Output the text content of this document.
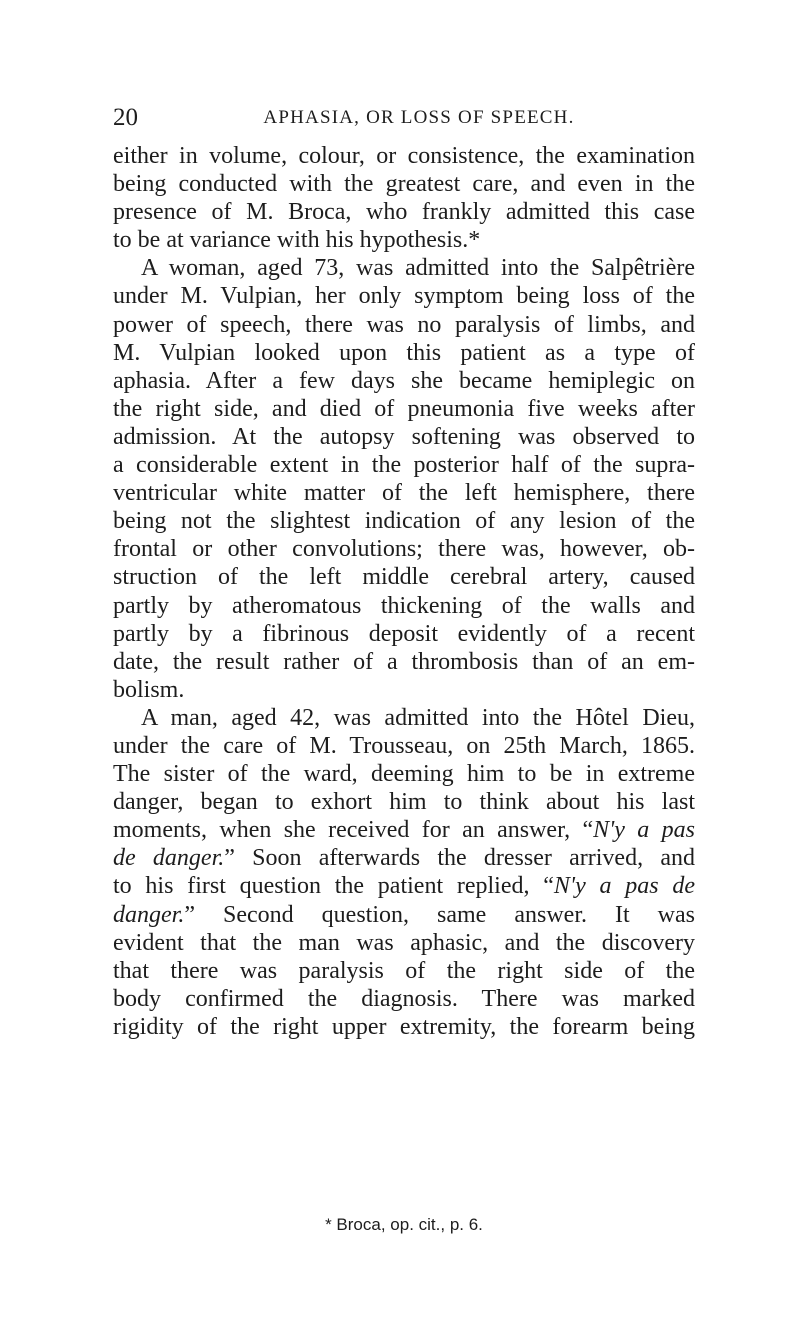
20	APHASIA, OR LOSS OF SPEECH.
either in volume, colour, or consistence, the examination
being conducted with the greatest care, and even in the
presence of M. Broca, who frankly admitted this case
to be at variance with his hypothesis.*
A woman, aged 73, was admitted into the Salpêtrière
under M. Vulpian, her only symptom being loss of the
power of speech, there was no paralysis of limbs, and
M. Vulpian looked upon this patient as a type of
aphasia. After a few days she became hemiplegic on
the right side, and died of pneumonia five weeks after
admission. At the autopsy softening was observed to
a considerable extent in the posterior half of the supra-
ventricular white matter of the left hemisphere, there
being not the slightest indication of any lesion of the
frontal or other convolutions; there was, however, ob-
struction of the left middle cerebral artery, caused
partly by atheromatous thickening of the walls and
partly by a fibrinous deposit evidently of a recent
date, the result rather of a thrombosis than of an em-
bolism.
A man, aged 42, was admitted into the Hôtel Dieu,
under the care of M. Trousseau, on 25th March, 1865.
The sister of the ward, deeming him to be in extreme
danger, began to exhort him to think about his last
moments, when she received for an answer, “N'y a pas
de danger.” Soon afterwards the dresser arrived, and
to his first question the patient replied, “N'y a pas de
danger.” Second question, same answer. It was
evident that the man was aphasic, and the discovery
that there was paralysis of the right side of the
body confirmed the diagnosis. There was marked
rigidity of the right upper extremity, the forearm being
* Broca, op. cit., p. 6.
